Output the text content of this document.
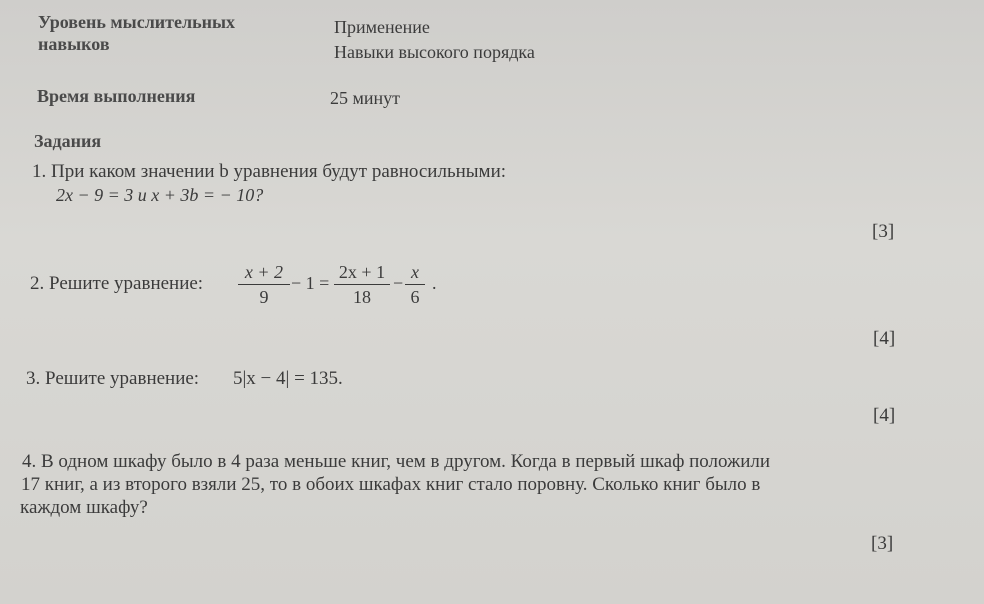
Уровень мыслительных
навыков
Применение
Навыки высокого порядка
Время выполнения	25 минут
Задания
1. При каком значении b уравнения будут равносильными:
2x − 9 = 3 и x + 3b = − 10?
[3]
2. Решите уравнение:
x + 2
9
− 1 =
2x + 1
18
−
x
6
.
[4]
3. Решите уравнение: 5|x − 4| = 135.
[4]
4. В одном шкафу было в 4 раза меньше книг, чем в другом. Когда в первый шкаф положили
17 книг, а из второго взяли 25, то в обоих шкафах книг стало поровну. Сколько книг было в
каждом шкафу?
[3]
